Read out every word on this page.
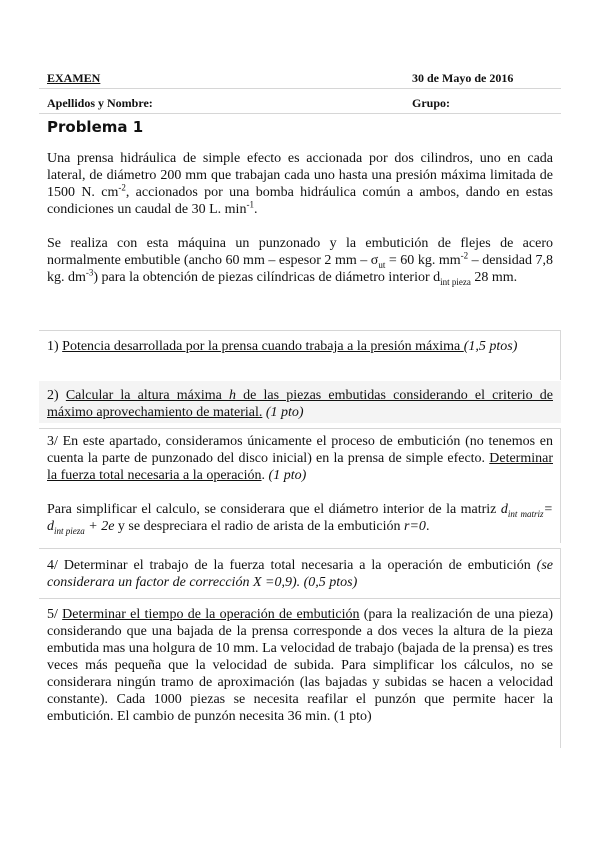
EXAMEN	30 de Mayo de 2016
Apellidos y Nombre:	Grupo:
Problema 1
Una prensa hidráulica de simple efecto es accionada por dos cilindros, uno en cada lateral, de diámetro 200 mm que trabajan cada uno hasta una presión máxima limitada de 1500 N. $cm^{-2}$, accionados por una bomba hidráulica común a ambos, dando en estas condiciones un caudal de 30 L. $\min^{-1}$.
Se realiza con esta máquina un punzonado y la embutición de flejes de acero normalmente embutible (ancho 60 mm – espesor 2 mm – $\sigma_{ut} = 60$ kg. $mm^{-2}$ – densidad 7,8 kg. $dm^{-3}$) para la obtención de piezas cilíndricas de diámetro interior $d_{int pieza}$ 28 mm.
1) Potencia desarrollada por la prensa cuando trabaja a la presión máxima (1,5 ptos)
2) Calcular la altura máxima h de las piezas embutidas considerando el criterio de máximo aprovechamiento de material. (1 pto)
3/ En este apartado, consideramos únicamente el proceso de embutición (no tenemos en cuenta la parte de punzonado del disco inicial) en la prensa de simple efecto. Determinar la fuerza total necesaria a la operación. (1 pto)
Para simplificar el calculo, se considerara que el diámetro interior de la matriz $d_{int matriz}= d_{int pieza} + 2e$ y se despreciara el radio de arista de la embutición r=0.
4/ Determinar el trabajo de la fuerza total necesaria a la operación de embutición (se considerara un factor de corrección X =0,9). (0,5 ptos)
5/ Determinar el tiempo de la operación de embutición (para la realización de una pieza) considerando que una bajada de la prensa corresponde a dos veces la altura de la pieza embutida mas una holgura de 10 mm. La velocidad de trabajo (bajada de la prensa) es tres veces más pequeña que la velocidad de subida. Para simplificar los cálculos, no se considerara ningún tramo de aproximación (las bajadas y subidas se hacen a velocidad constante). Cada 1000 piezas se necesita reafilar el punzón que permite hacer la embutición. El cambio de punzón necesita 36 min. (1 pto)
